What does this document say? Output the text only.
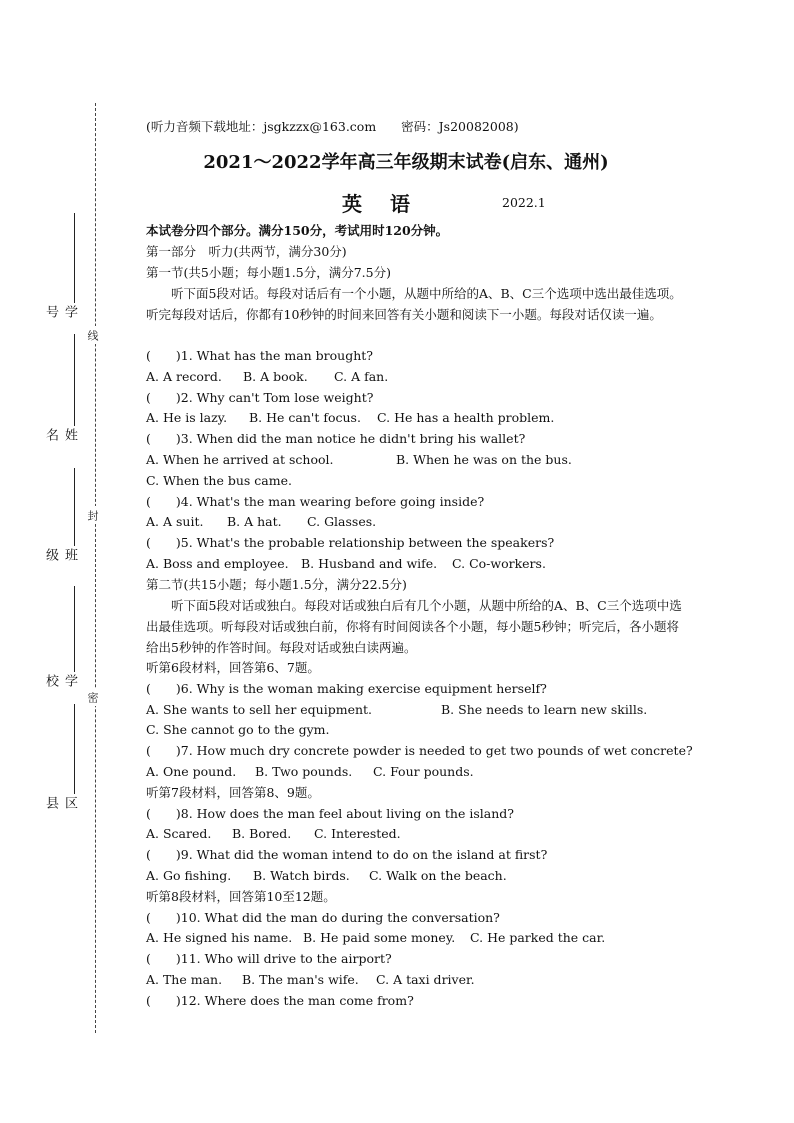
线
封
密
学号
姓名
班级
学校
区县
(听力音频下载地址：jsgkzzx@163.com　　密码：Js20082008)
2021～2022学年高三年级期末试卷(启东、通州)
英语	2022.1
本试卷分四个部分。满分150分，考试用时120分钟。
第一部分　听力(共两节，满分30分)
第一节(共5小题；每小题1.5分，满分7.5分)
听下面5段对话。每段对话后有一个小题，从题中所给的A、B、C三个选项中选出最佳选项。听完每段对话后，你都有10秒钟的时间来回答有关小题和阅读下一小题。每段对话仅读一遍。
(　　)1. What has the man brought?
A. A record. B. A book. C. A fan.
(　　)2. Why can't Tom lose weight?
A. He is lazy. B. He can't focus. C. He has a health problem.
(　　)3. When did the man notice he didn't bring his wallet?
A. When he arrived at school.	B. When he was on the bus.
C. When the bus came.
(　　)4. What's the man wearing before going inside?
A. A suit. B. A hat. C. Glasses.
(　　)5. What's the probable relationship between the speakers?
A. Boss and employee. B. Husband and wife. C. Co-workers.
第二节(共15小题；每小题1.5分，满分22.5分)
听下面5段对话或独白。每段对话或独白后有几个小题，从题中所给的A、B、C三个选项中选出最佳选项。听每段对话或独白前，你将有时间阅读各个小题，每小题5秒钟；听完后，各小题将给出5秒钟的作答时间。每段对话或独白读两遍。
听第6段材料，回答第6、7题。
(　　)6. Why is the woman making exercise equipment herself?
A. She wants to sell her equipment.	B. She needs to learn new skills.
C. She cannot go to the gym.
(　　)7. How much dry concrete powder is needed to get two pounds of wet concrete?
A. One pound. B. Two pounds. C. Four pounds.
听第7段材料，回答第8、9题。
(　　)8. How does the man feel about living on the island?
A. Scared. B. Bored. C. Interested.
(　　)9. What did the woman intend to do on the island at first?
A. Go fishing. B. Watch birds. C. Walk on the beach.
听第8段材料，回答第10至12题。
(　　)10. What did the man do during the conversation?
A. He signed his name. B. He paid some money. C. He parked the car.
(　　)11. Who will drive to the airport?
A. The man. B. The man's wife. C. A taxi driver.
(　　)12. Where does the man come from?
